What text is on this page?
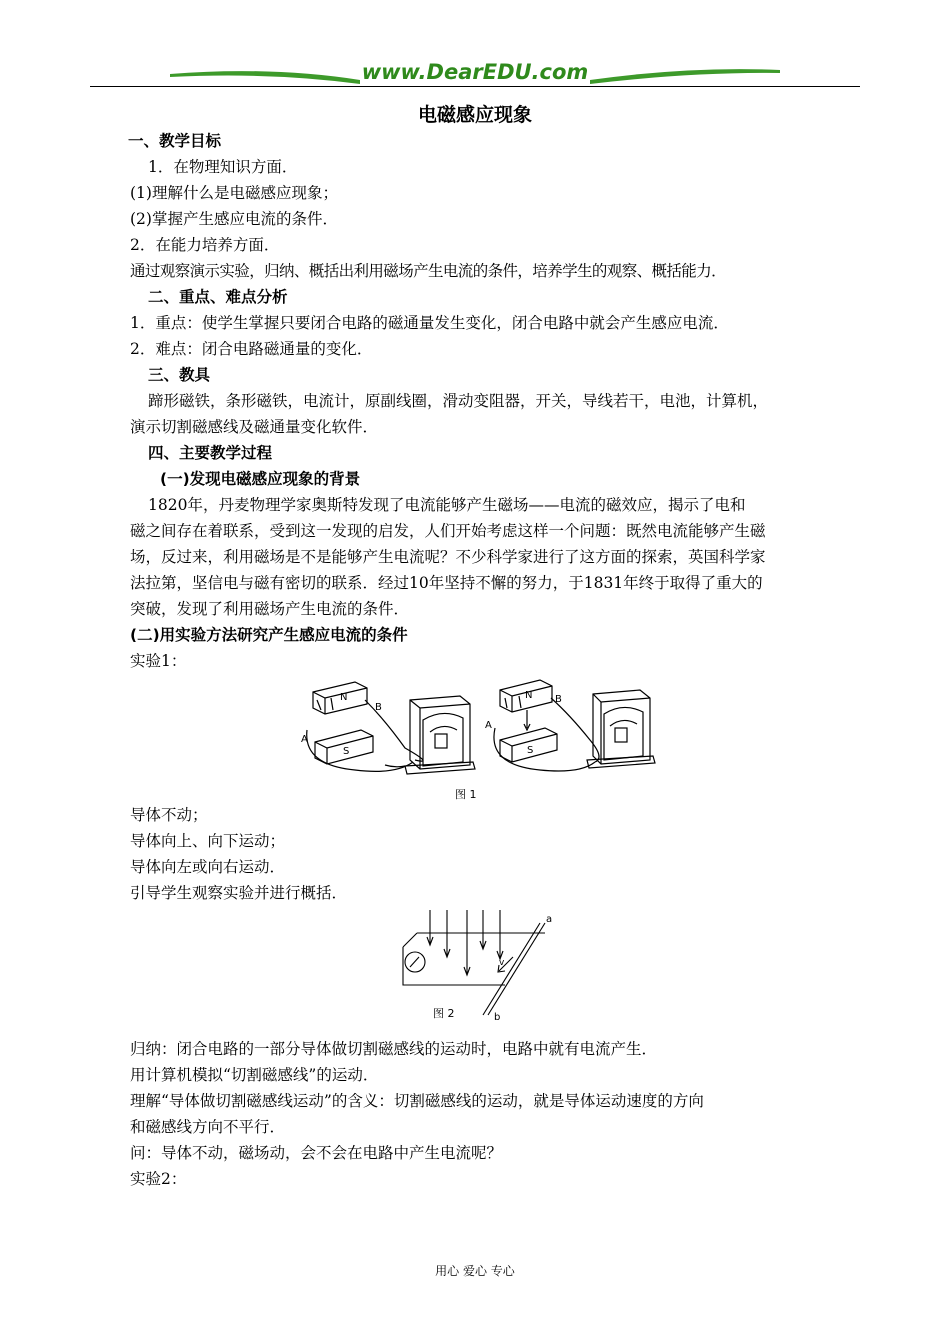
www.DearEDU.com
电磁感应现象
一、教学目标
1．在物理知识方面．
(1)理解什么是电磁感应现象；
(2)掌握产生感应电流的条件．
2．在能力培养方面．
通过观察演示实验，归纳、概括出利用磁场产生电流的条件，培养学生的观察、概括能力．
二、重点、难点分析
1．重点：使学生掌握只要闭合电路的磁通量发生变化，闭合电路中就会产生感应电流．
2．难点：闭合电路磁通量的变化．
三、教具
蹄形磁铁，条形磁铁，电流计，原副线圈，滑动变阻器，开关，导线若干，电池，计算机，
演示切割磁感线及磁通量变化软件．
四、主要教学过程
(一)发现电磁感应现象的背景
1820年，丹麦物理学家奥斯特发现了电流能够产生磁场——电流的磁效应，揭示了电和
磁之间存在着联系，受到这一发现的启发，人们开始考虑这样一个问题：既然电流能够产生磁
场，反过来，利用磁场是不是能够产生电流呢？不少科学家进行了这方面的探索，英国科学家
法拉第，坚信电与磁有密切的联系．经过10年坚持不懈的努力，于1831年终于取得了重大的
突破，发现了利用磁场产生电流的条件．
(二)用实验方法研究产生感应电流的条件
实验1：
A
B
N
S
A
B
N
S
图 1
导体不动；
导体向上、向下运动；
导体向左或向右运动．
引导学生观察实验并进行概括．
a
b
v
图 2
归纳：闭合电路的一部分导体做切割磁感线的运动时，电路中就有电流产生．
用计算机模拟“切割磁感线”的运动．
理解“导体做切割磁感线运动”的含义：切割磁感线的运动，就是导体运动速度的方向
和磁感线方向不平行．
问：导体不动，磁场动，会不会在电路中产生电流呢？
实验2：
用心 爱心 专心
